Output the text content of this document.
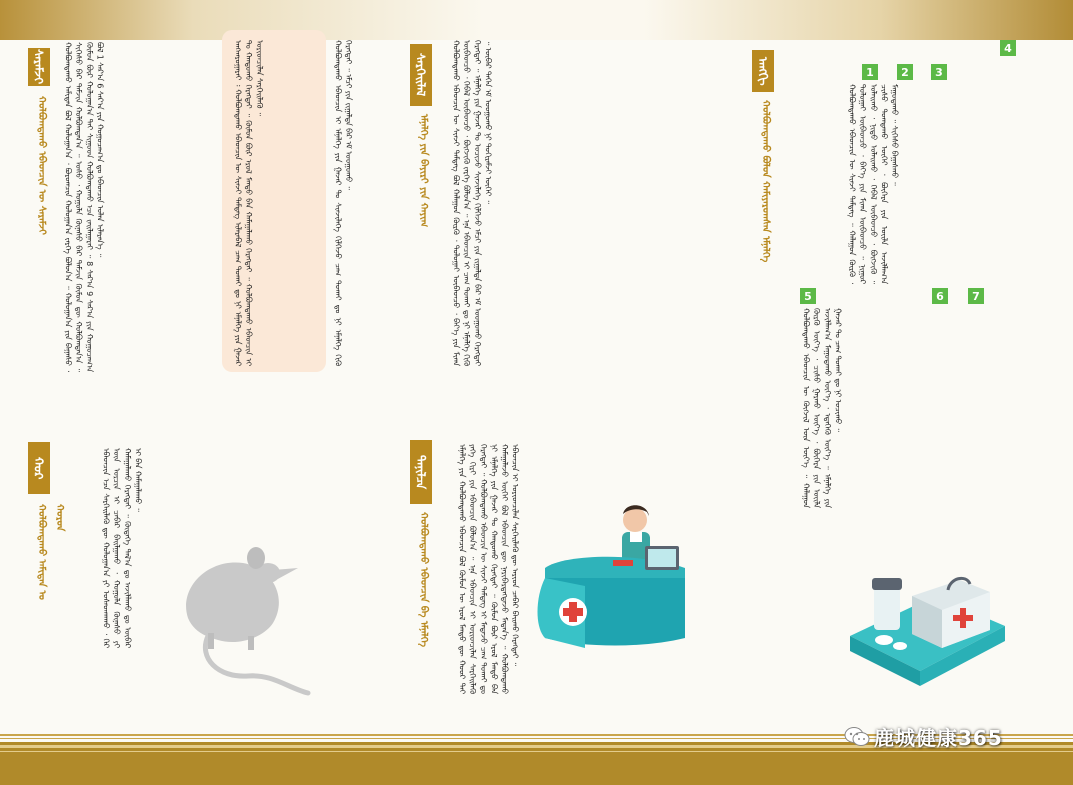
ᠰᠡᠷᠡᠮᠵᠢ
ᠬᠣᠯᠪᠣᠭᠳᠠᠬᠤ ᠡᠪᠡᠳᠴᠢᠨ ᠦ ᠰᠡᠷᠡᠮᠵᠢ	ᠬᠣᠯᠪᠣᠭᠳᠠᠬᠤ ᠠᠮᠢᠲᠠᠨ ᠪᠣᠯ ᠬᠤᠯᠤᠭᠠᠨ᠎ᠠ ᠂ ᠪᠣᠷᠣᠭᠴᠢᠨ ᠬᠤᠯᠤᠭᠠᠨ᠎ᠠ ᠵᠡᠷᠭᠡ ᠪᠣᠯᠤᠨ᠎ᠠ ᠃ ᠬᠤᠯᠤᠭᠠᠨ᠎ᠠ ᠶᠢᠨ ᠪᠠᠭᠠᠰᠤ ᠂ ᠰᠢᠭᠡᠰᠦ ᠪᠡᠷ ᠳᠠᠮᠵᠢᠨ ᠬᠣᠯᠪᠣᠭᠳᠠᠨ᠎ᠠ ᠃ ᠤᠰᠤ ᠂ ᠬᠣᠭᠣᠯᠠ ᠬᠦᠨᠡᠰᠦ ᠪᠡᠷ ᠳᠠᠮᠵᠢᠨ ᠬᠦᠮᠦᠨ ᠳᠦ ᠬᠣᠯᠪᠣᠭᠳᠠᠨ᠎ᠠ ᠃ ᠬᠦᠮᠦᠨ ᠪᠦᠷ ᠬᠤᠯᠤᠭᠠᠨ᠎ᠠ ᠲᠠᠢ ᠰᠢᠭ᠋ᠤᠳ ᠬᠣᠯᠪᠣᠭᠳᠠᠬᠤ ᠡᠴᠡ ᠵᠠᠢᠯᠠᠭᠠᠷᠠᠢ ᠃ 8 ᠰᠠᠷ᠎ᠠ 9 ᠰᠠᠷ᠎ᠠ ᠶᠢᠨ ᠬᠤᠭᠤᠴᠠᠭ᠎ᠠ ᠪᠣᠯ 1 ᠰᠠᠷ᠎ᠠ 6 ᠰᠠᠷ᠎ᠠ ᠶᠢᠨ ᠬᠤᠭᠤᠴᠠᠭ᠎ᠠ ᠳᠤ ᠡᠪᠡᠳᠴᠢᠨ ᠣᠯᠠᠨ ᠢᠯᠡᠷᠡᠨ᠎ᠡ ᠃	ᠠᠩᠬᠠᠷᠤᠭᠠᠷᠠᠢ ᠄ ᠬᠣᠯᠪᠣᠭᠳᠠᠬᠤ ᠡᠪᠡᠳᠴᠢᠨ ᠦ ᠰᠢᠨᠵᠢ ᠲᠡᠮᠳᠡᠭ ᠢᠯᠡᠷᠡᠪᠡᠯ ᠴᠠᠭ ᠲᠤᠬᠠᠢ ᠳᠤ ᠨᠢ ᠡᠮᠨᠡᠯᠭᠡ ᠶᠢᠨ ᠭᠠᠵᠠᠷ ᠲᠤ ᠬᠠᠨᠳᠤᠬᠤ ᠬᠡᠷᠡᠭᠲᠡᠢ ᠃ ᠬᠦᠮᠦᠨ ᠪᠦᠷ ᠡᠷᠦᠯ ᠮᠡᠨᠳᠦ ᠪᠡᠨ ᠬᠠᠮᠠᠭᠠᠯᠠᠬᠤ ᠬᠡᠷᠡᠭᠲᠡᠢ ᠃ ᠬᠣᠯᠪᠣᠭᠳᠠᠬᠤ ᠡᠪᠡᠳᠴᠢᠨ ᠢ ᠤᠷᠢᠳᠴᠢᠯᠠᠨ ᠰᠡᠷᠭᠡᠢᠯᠡᠬᠦ ᠃
ᠬᠣᠷ
ᠬᠣᠯᠪᠣᠭᠳᠠᠬᠤ ᠠᠮᠢᠲᠠᠨ ᠤ ᠬᠣᠷᠣᠨ	ᠡᠪᠡᠳᠴᠢᠨ ᠡᠴᠡ ᠰᠡᠷᠭᠡᠢᠯᠡᠬᠦ ᠳᠦ ᠬᠤᠯᠤᠭᠠᠨ᠎ᠠ ᠶᠢ ᠤᠰᠠᠳᠬᠠᠬᠤ ᠂ ᠭᠡᠷ ᠦᠨ ᠣᠷᠴᠢᠨ ᠢ ᠴᠡᠪᠡᠷ ᠪᠠᠢᠯᠭᠠᠬᠤ ᠂ ᠬᠣᠭᠣᠯᠠ ᠬᠦᠨᠡᠰᠦ ᠶᠢ ᠬᠠᠮᠠᠭᠠᠯᠠᠬᠤ ᠬᠡᠷᠡᠭᠲᠡᠢ ᠃ ᠬᠦᠳᠡᠭᠡ ᠲᠠᠯ᠎ᠠ ᠳᠤ ᠠᠵᠢᠯᠯᠠᠬᠤ ᠳᠤ ᠥᠪᠡᠷ ᠢ ᠪᠡᠨ ᠬᠠᠮᠠᠭᠠᠯᠠᠬᠤ ᠃
ᠰᠡᠷᠭᠡᠢᠯᠡᠯ
ᠡᠮᠨᠡᠯᠭᠡ ᠶᠢᠨ ᠪᠠᠶᠢᠷᠢ ᠶᠢᠨ ᠬᠠᠶᠢᠭ
ᠬᠣᠯᠪᠣᠭᠳᠠᠬᠤ ᠡᠪᠡᠳᠴᠢᠨ ᠢ ᠡᠮᠨᠡᠯᠭᠡ ᠶᠢᠨ ᠭᠠᠵᠠᠷ ᠲᠤ ᠰᠢᠨᠵᠢᠯᠡᠭᠡ ᠬᠢᠯᠭᠡᠵᠦ ᠴᠠᠭ ᠲᠤᠬᠠᠢ ᠳᠤ ᠨᠢ ᠡᠮᠨᠡᠯᠭᠡ ᠬᠢᠬᠦ ᠬᠡᠷᠡᠭᠲᠡᠢ ᠃ ᠡᠮᠴᠢ ᠶᠢᠨ ᠵᠢᠭᠠᠯᠲᠠ ᠪᠠᠷ ᠡᠮ ᠤᠤᠭᠤᠬᠤ ᠃	ᠬᠣᠯᠪᠣᠭᠳᠠᠬᠤ ᠡᠪᠡᠳᠴᠢᠨ ᠦ ᠰᠢᠨᠵᠢ ᠲᠡᠮᠳᠡᠭ ᠪᠣᠯ ᠬᠠᠯᠠᠭᠤᠨ ᠬᠦᠷᠬᠦ ᠂ ᠲᠣᠯᠣᠭᠠᠢ ᠥᠪᠡᠳᠴᠦ ᠂ ᠪᠡᠶ᠎ᠡ ᠶᠢᠨ ᠮᠢᠬᠠ ᠥᠪᠡᠳᠴᠦ ᠂ ᠬᠡᠪᠡᠯ ᠥᠪᠡᠳᠴᠦ ᠂ ᠪᠥᠭᠵᠢᠬᠦ ᠵᠡᠷᠭᠡ ᠪᠣᠯᠤᠨ᠎ᠠ ᠃ ᠡᠨᠡ ᠡᠪᠡᠳᠴᠢᠨ ᠢ ᠴᠠᠭ ᠲᠤᠬᠠᠢ ᠳᠤ ᠨᠢ ᠡᠮᠨᠡᠯᠭᠡ ᠬᠢᠬᠦ ᠬᠡᠷᠡᠭᠲᠡᠢ ᠃ ᠡᠮᠨᠡᠯᠭᠡ ᠶᠢᠨ ᠭᠠᠵᠠᠷ ᠲᠤ ᠣᠴᠢᠵᠤ ᠰᠢᠨᠵᠢᠯᠡᠭᠡ ᠬᠢᠯᠭᠡᠵᠦ ᠡᠮᠴᠢ ᠶᠢᠨ ᠵᠢᠭᠠᠯᠲᠠ ᠪᠠᠷ ᠡᠮ ᠤᠤᠭᠤᠬᠤ ᠬᠡᠷᠡᠭᠲᠡᠢ ᠃ ᠥᠪᠡᠷ ᠲᠡᠭᠡᠨ ᠡᠮ ᠤᠤᠭᠤᠬᠤ ᠨᠢ ᠲᠣᠬᠢᠷᠠᠮᠵᠢ ᠦᠭᠡᠢ ᠃
ᠲᠠᠨᠢᠯᠴᠠ
ᠬᠣᠯᠪᠣᠭᠳᠠᠬᠤ ᠡᠪᠡᠳᠴᠢᠨ ᠪᠠ ᠡᠮᠨᠡᠯᠭᠡ	ᠡᠮᠨᠡᠯᠭᠡ ᠶᠢᠨ ᠬᠣᠯᠪᠣᠭᠳᠠᠬᠤ ᠡᠪᠡᠳᠴᠢᠨ ᠪᠣᠯ ᠬᠦᠮᠦᠨ ᠦ ᠡᠷᠦᠯ ᠮᠡᠨᠳᠦ ᠳᠦ ᠬᠣᠣᠷ ᠲᠠᠢ ᠶᠡᠬᠡ ᠬᠢᠷᠢ ᠶᠢᠨ ᠡᠪᠡᠳᠴᠢᠨ ᠪᠣᠯᠤᠨ᠎ᠠ ᠃ ᠡᠨᠡ ᠡᠪᠡᠳᠴᠢᠨ ᠢ ᠤᠷᠢᠳᠴᠢᠯᠠᠨ ᠰᠡᠷᠭᠡᠢᠯᠡᠬᠦ ᠬᠡᠷᠡᠭᠲᠡᠢ ᠃ ᠬᠣᠯᠪᠣᠭᠳᠠᠬᠤ ᠡᠪᠡᠳᠴᠢᠨ ᠦ ᠰᠢᠨᠵᠢ ᠲᠡᠮᠳᠡᠭ ᠢ ᠮᠡᠳᠡᠵᠦ ᠴᠠᠭ ᠲᠤᠬᠠᠢ ᠳᠤ ᠨᠢ ᠡᠮᠨᠡᠯᠭᠡ ᠶᠢᠨ ᠭᠠᠵᠠᠷ ᠲᠤ ᠬᠠᠨᠳᠤᠬᠤ ᠬᠡᠷᠡᠭᠲᠡᠢ ᠃ ᠬᠦᠮᠦᠨ ᠪᠦᠷ ᠡᠷᠦᠯ ᠮᠡᠨᠳᠦ ᠪᠡᠨ ᠬᠠᠮᠠᠭᠠᠯᠠᠵᠤ ᠦᠭᠡᠢ ᠪᠣᠯ ᠡᠪᠡᠳᠴᠢᠨ ᠳᠦ ᠨᠡᠷᠢᠪᠡᠷᠲᠡᠭᠳᠡᠵᠦ ᠮᠡᠳᠡᠨ᠎ᠡ ᠃ ᠬᠣᠯᠪᠣᠭᠳᠠᠬᠤ ᠡᠪᠡᠳᠴᠢᠨ ᠢ ᠤᠷᠢᠳᠴᠢᠯᠠᠨ ᠰᠡᠷᠭᠡᠢᠯᠡᠬᠦ ᠳᠦ ᠠᠷᠢᠤᠨ ᠴᠡᠪᠡᠷ ᠪᠠᠢᠬᠤ ᠬᠡᠷᠡᠭᠲᠡᠢ ᠃
ᠠᠩᠭᠢ
ᠬᠣᠯᠪᠣᠭᠳᠠᠬᠤ ᠪᠣᠯᠣᠨ ᠬᠠᠮᠢᠶᠠᠷᠤᠭᠰᠠᠨ ᠡᠮᠨᠡᠯᠭᠡ
1	2	3
4
5	6	7
ᠬᠣᠯᠪᠣᠭᠳᠠᠬᠤ ᠡᠪᠡᠳᠴᠢᠨ ᠦ ᠰᠢᠨᠵᠢ ᠲᠡᠮᠳᠡᠭ ᠃ ᠬᠠᠯᠠᠭᠤᠨ ᠬᠦᠷᠬᠦ ᠂ ᠲᠣᠯᠣᠭᠠᠢ ᠥᠪᠡᠳᠴᠦ ᠂ ᠪᠡᠶ᠎ᠡ ᠶᠢᠨ ᠮᠢᠬᠠ ᠥᠪᠡᠳᠴᠦ ᠃ ᠨᠢᠭᠤᠷ ᠤᠯᠠᠢᠬᠤ ᠂ ᠨᠢᠳᠦ ᠤᠯᠠᠢᠬᠤ ᠂ ᠬᠡᠪᠡᠯ ᠥᠪᠡᠳᠴᠦ ᠂ ᠪᠥᠭᠵᠢᠬᠦ ᠃ ᠴᠢᠰᠤ ᠲᠣᠭᠲᠠᠬᠤ ᠦᠭᠡᠢ ᠂ ᠪᠥᠭᠡᠷᠡ ᠶᠢᠨ ᠦᠢᠯᠡ ᠠᠵᠢᠯᠯᠠᠭ᠎ᠠ ᠮᠠᠭᠤᠳᠠᠬᠤ ᠃ ᠰᠢᠭᠡᠰᠦ ᠪᠠᠭᠠᠰᠬᠤ ᠃
ᠬᠣᠯᠪᠣᠭᠳᠠᠬᠤ ᠡᠪᠡᠳᠴᠢᠨ ᠦ ᠬᠥᠭᠵᠢᠯ ᠦᠨ ᠦᠶ᠎ᠡ ᠃ ᠬᠠᠯᠠᠭᠤᠨ ᠬᠦᠷᠬᠦ ᠦᠶ᠎ᠡ ᠂ ᠴᠢᠰᠤ ᠭᠠᠷᠬᠤ ᠦᠶ᠎ᠡ ᠂ ᠪᠥᠭᠡᠷᠡ ᠶᠢᠨ ᠦᠢᠯᠡ ᠠᠵᠢᠯᠯᠠᠭ᠎ᠠ ᠮᠠᠭᠤᠳᠠᠬᠤ ᠦᠶ᠎ᠡ ᠂ ᠡᠳᠡᠭᠡᠬᠦ ᠦᠶ᠎ᠡ ᠃ ᠡᠮᠨᠡᠯᠭᠡ ᠶᠢᠨ ᠭᠠᠵᠠᠷ ᠲᠤ ᠴᠠᠭ ᠲᠤᠬᠠᠢ ᠳᠤ ᠨᠢ ᠣᠴᠢᠬᠤ ᠃
鹿城健康365
